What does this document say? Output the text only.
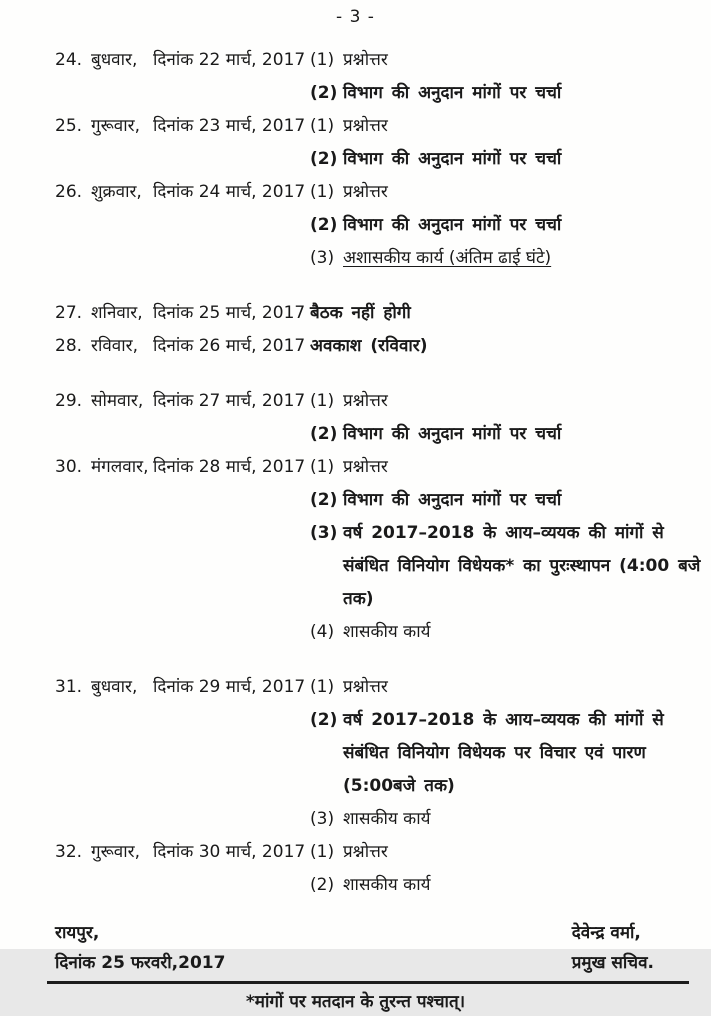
- 3 -
24. बुधवार, दिनांक 22 मार्च, 2017 (1) प्रश्नोत्तर
(2) विभाग की अनुदान मांगों पर चर्चा
25. गुरूवार, दिनांक 23 मार्च, 2017 (1) प्रश्नोत्तर
(2) विभाग की अनुदान मांगों पर चर्चा
26. शुक्रवार, दिनांक 24 मार्च, 2017 (1) प्रश्नोत्तर
(2) विभाग की अनुदान मांगों पर चर्चा
(3) अशासकीय कार्य (अंतिम ढाई घंटे)
27. शनिवार, दिनांक 25 मार्च, 2017 बैठक नहीं होगी
28. रविवार, दिनांक 26 मार्च, 2017 अवकाश (रविवार)
29. सोमवार, दिनांक 27 मार्च, 2017 (1) प्रश्नोत्तर
(2) विभाग की अनुदान मांगों पर चर्चा
30. मंगलवार, दिनांक 28 मार्च, 2017 (1) प्रश्नोत्तर
(2) विभाग की अनुदान मांगों पर चर्चा
(3) वर्ष 2017–2018 के आय–व्ययक की मांगों से संबंधित विनियोग विधेयक* का पुरःस्थापन (4:00 बजे तक)
(4) शासकीय कार्य
31. बुधवार, दिनांक 29 मार्च, 2017 (1) प्रश्नोत्तर
(2) वर्ष 2017–2018 के आय–व्ययक की मांगों से संबंधित विनियोग विधेयक पर विचार एवं पारण (5:00बजे तक)
(3) शासकीय कार्य
32. गुरूवार, दिनांक 30 मार्च, 2017 (1) प्रश्नोत्तर
(2) शासकीय कार्य
रायपुर,
दिनांक 25 फरवरी,2017
देवेन्द्र वर्मा,
प्रमुख सचिव.
*मांगों पर मतदान के तुरन्त पश्चात्।
